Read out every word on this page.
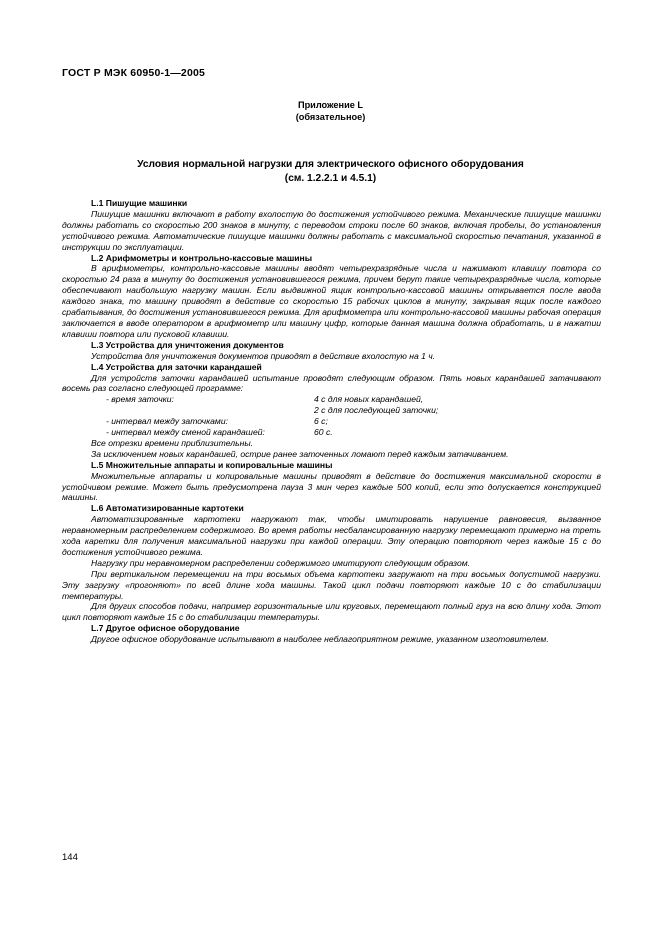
ГОСТ Р МЭК 60950-1—2005
Приложение L
(обязательное)
Условия нормальной нагрузки для электрического офисного оборудования
(см. 1.2.2.1 и 4.5.1)

L.1 Пишущие машинки

Пишущие машинки включают в работу вхолостую до достижения устойчивого режима. Механические пишущие машинки должны работать со скоростью 200 знаков в минуту, с переводом строки после 60 знаков, включая пробелы, до установления устойчивого режима. Автоматические пишущие машинки должны работать с максимальной скоростью печатания, указанной в инструкции по эксплуатации.

L.2 Арифмометры и контрольно-кассовые машины

В арифмометры, контрольно-кассовые машины вводят четырехразрядные числа и нажимают клавишу повтора со скоростью 24 раза в минуту до достижения установившегося режима, причем берут такие четырехразрядные числа, которые обеспечивают наибольшую нагрузку машин. Если выдвижной ящик контрольно-кассовой машины открывается после ввода каждого знака, то машину приводят в действие со скоростью 15 рабочих циклов в минуту, закрывая ящик после каждого срабатывания, до достижения установившегося режима. Для арифмометра или контрольно-кассовой машины рабочая операция заключается в вводе оператором в арифмометр или машину цифр, которые данная машина должна обработать, и в нажатии клавиши повтора или пусковой клавиши.

L.3 Устройства для уничтожения документов

Устройства для уничтожения документов приводят в действие вхолостую на 1 ч.

L.4 Устройства для заточки карандашей

Для устройств заточки карандашей испытание проводят следующим образом. Пять новых карандашей затачивают восемь раз согласно следующей программе:

- время заточки:	4 с для новых карандашей,
2 с для последующей заточки;
- интервал между заточками:	6 с;
- интервал между сменой карандашей:	60 с.

Все отрезки времени приблизительны.

За исключением новых карандашей, острие ранее заточенных ломают перед каждым затачиванием.

L.5 Множительные аппараты и копировальные машины

Множительные аппараты и копировальные машины приводят в действие до достижения максимальной скорости в устойчивом режиме. Может быть предусмотрена пауза 3 мин через каждые 500 копий, если это допускается конструкцией машины.

L.6 Автоматизированные картотеки

Автоматизированные картотеки нагружают так, чтобы имитировать нарушение равновесия, вызванное неравномерным распределением содержимого. Во время работы несбалансированную нагрузку перемещают примерно на треть хода каретки для получения максимальной нагрузки при каждой операции. Эту операцию повторяют через каждые 15 с до достижения устойчивого режима.

Нагрузку при неравномерном распределении содержимого имитируют следующим образом.

При вертикальном перемещении на три восьмых объема картотеки загружают на три восьмых допустимой нагрузки. Эту загрузку «прогоняют» по всей длине хода машины. Такой цикл подачи повторяют каждые 10 с до стабилизации температуры.

Для других способов подачи, например горизонтальные или круговых, перемещают полный груз на всю длину хода. Этот цикл повторяют каждые 15 с до стабилизации температуры.

L.7 Другое офисное оборудование

Другое офисное оборудование испытывают в наиболее неблагоприятном режиме, указанном изготовителем.

144
